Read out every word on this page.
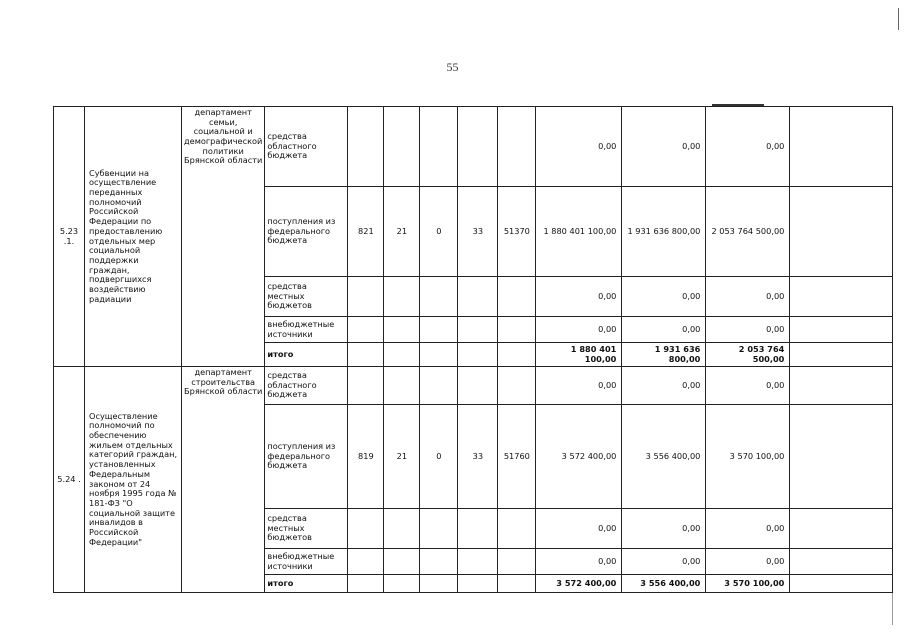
55
5.23 .1.	Субвенции на осуществление переданных полномочий Российской Федерации по предоставлению отдельных мер социальной поддержки граждан, подвергшихся воздействию радиации	департамент семьи, социальной и демографической политики Брянской области	средства областного бюджета						0,00	0,00	0,00	
			поступления из федерального бюджета	821	21	0	33	51370	1 880 401 100,00	1 931 636 800,00	2 053 764 500,00	
			средства местных бюджетов						0,00	0,00	0,00	
			внебюджетные источники						0,00	0,00	0,00	
			итого						1 880 401 100,00	1 931 636 800,00	2 053 764 500,00	
5.24 .	Осуществление полномочий по обеспечению жильем отдельных категорий граждан, установленных Федеральным законом от 24 ноября 1995 года № 181-ФЗ "О социальной защите инвалидов в Российской Федерации"	департамент строительства Брянской области	средства областного бюджета						0,00	0,00	0,00	
			поступления из федерального бюджета	819	21	0	33	51760	3 572 400,00	3 556 400,00	3 570 100,00	
			средства местных бюджетов						0,00	0,00	0,00	
			внебюджетные источники						0,00	0,00	0,00	
			итого						3 572 400,00	3 556 400,00	3 570 100,00	
